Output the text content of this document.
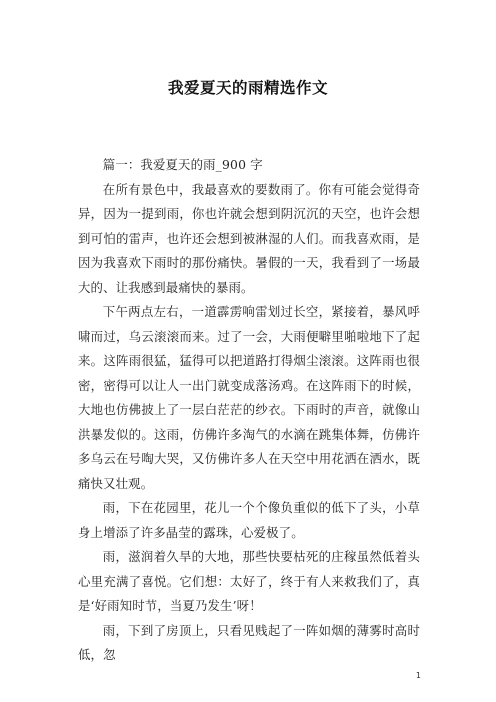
我爱夏天的雨精选作文

篇一：我爱夏天的雨_900 字

在所有景色中，我最喜欢的要数雨了。你有可能会觉得奇异，因为一提到雨，你也许就会想到阴沉沉的天空，也许会想到可怕的雷声，也许还会想到被淋湿的人们。而我喜欢雨，是因为我喜欢下雨时的那份痛快。暑假的一天，我看到了一场最大的、让我感到最痛快的暴雨。

下午两点左右，一道霹雳响雷划过长空，紧接着，暴风呼啸而过，乌云滚滚而来。过了一会，大雨便噼里啪啦地下了起来。这阵雨很猛，猛得可以把道路打得烟尘滚滚。这阵雨也很密，密得可以让人一出门就变成落汤鸡。在这阵雨下的时候，大地也仿佛披上了一层白茫茫的纱衣。下雨时的声音，就像山洪暴发似的。这雨，仿佛许多淘气的水滴在跳集体舞，仿佛许多乌云在号啕大哭，又仿佛许多人在天空中用花洒在洒水，既痛快又壮观。

雨，下在花园里，花儿一个个像负重似的低下了头，小草身上增添了许多晶莹的露珠，心爱极了。

雨，滋润着久旱的大地，那些快要枯死的庄稼虽然低着头心里充满了喜悦。它们想：太好了，终于有人来救我们了，真是‘好雨知时节，当夏乃发生’呀！

雨，下到了房顶上，只看见贱起了一阵如烟的薄雾时高时低，忽

1
